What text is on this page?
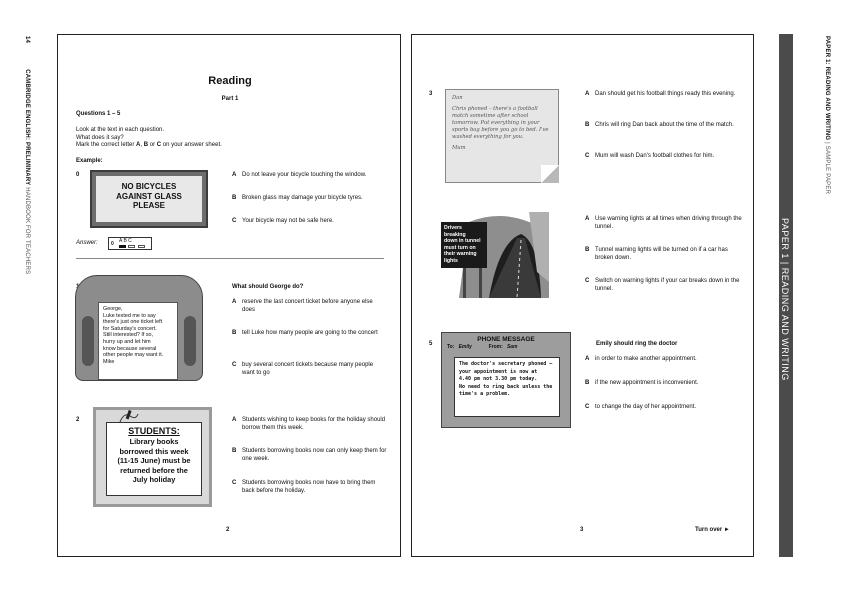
14              CAMBRIDGE ENGLISH: PRELIMINARY HANDBOOK FOR TEACHERS
PAPER 1: READING AND WRITING | SAMPLE PAPER
PAPER 1 | READING AND WRITING
Reading
Part 1
Questions 1 – 5
Look at the text in each question.
What does it say?
Mark the correct letter A, B or C on your answer sheet.
Example:
0
NO BICYCLES
AGAINST GLASS
PLEASE
A Do not leave your bicycle touching the window.
B Broken glass may damage your bicycle tyres.
C Your bicycle may not be safe here.
Answer:	0 A B C
George,
Luke texted me to say
there's just one ticket left
for Saturday's concert.
Still interested? If so,
hurry up and let him
know because several
other people may want it.
Mike
What should George do?
A reserve the last concert ticket before anyone else does
B tell Luke how many people are going to the concert
C buy several concert tickets because many people want to go
2
STUDENTS:
Library books
borrowed this week
(11-15 June) must be
returned before the
July holiday
A Students wishing to keep books for the holiday should borrow them this week.
B Students borrowing books now can only keep them for one week.
C Students borrowing books now have to bring them back before the holiday.
2
3
Dan
Chris phoned – there's a football
match sometime after school
tomorrow. Put everything in your
sports bag before you go to bed. I've
washed everything for you.
Mum
A Dan should get his football things ready this evening.
B Chris will ring Dan back about the time of the match.
C Mum will wash Dan's football clothes for him.
Drivers
breaking
down in tunnel
must turn on
their warning
lights
A Use warning lights at all times when driving through the tunnel.
B Tunnel warning lights will be turned on if a car has broken down.
C Switch on warning lights if your car breaks down in the tunnel.
5
PHONE MESSAGE
To: Emily	From: Sam
The doctor's secretary phoned –
your appointment is now at
4.40 pm not 3.30 pm today.
No need to ring back unless the
time's a problem.
Emily should ring the doctor
A in order to make another appointment.
B if the new appointment is inconvenient.
C to change the day of her appointment.
3	Turn over ►
